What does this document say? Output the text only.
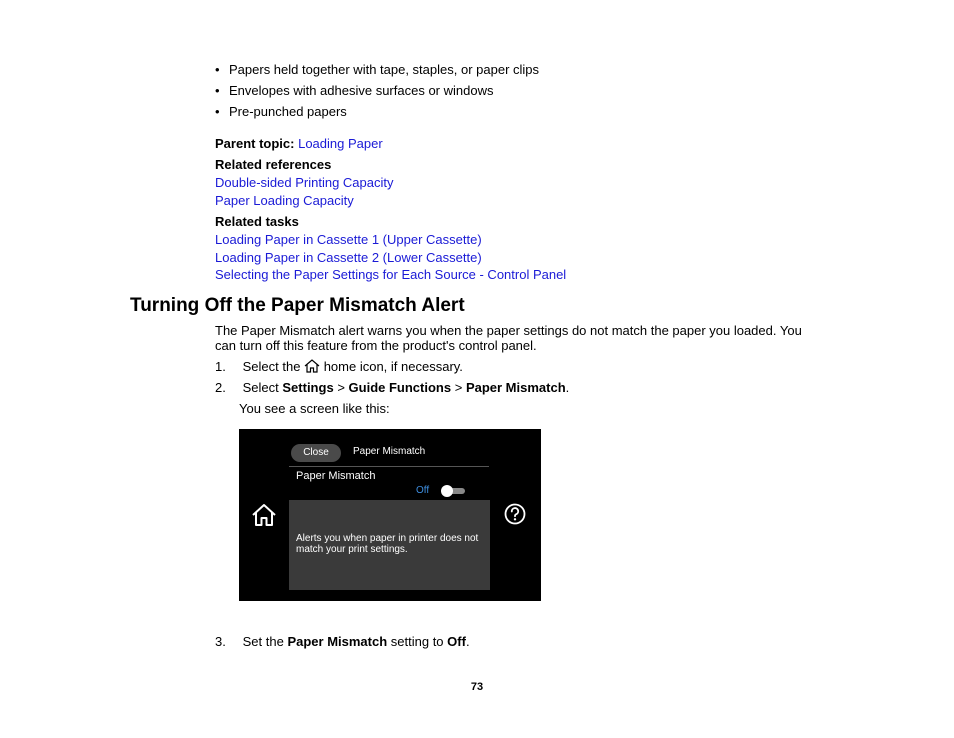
• Papers held together with tape, staples, or paper clips
• Envelopes with adhesive surfaces or windows
• Pre-punched papers
Parent topic: Loading Paper
Related references
Double-sided Printing Capacity
Paper Loading Capacity
Related tasks
Loading Paper in Cassette 1 (Upper Cassette)
Loading Paper in Cassette 2 (Lower Cassette)
Selecting the Paper Settings for Each Source - Control Panel
Turning Off the Paper Mismatch Alert
The Paper Mismatch alert warns you when the paper settings do not match the paper you loaded. You can turn off this feature from the product's control panel.
1. Select the home icon, if necessary.
2. Select Settings > Guide Functions > Paper Mismatch.
You see a screen like this:
Close	Paper Mismatch
Paper Mismatch
Off
Alerts you when paper in printer does not match your print settings.
3. Set the Paper Mismatch setting to Off.
73
